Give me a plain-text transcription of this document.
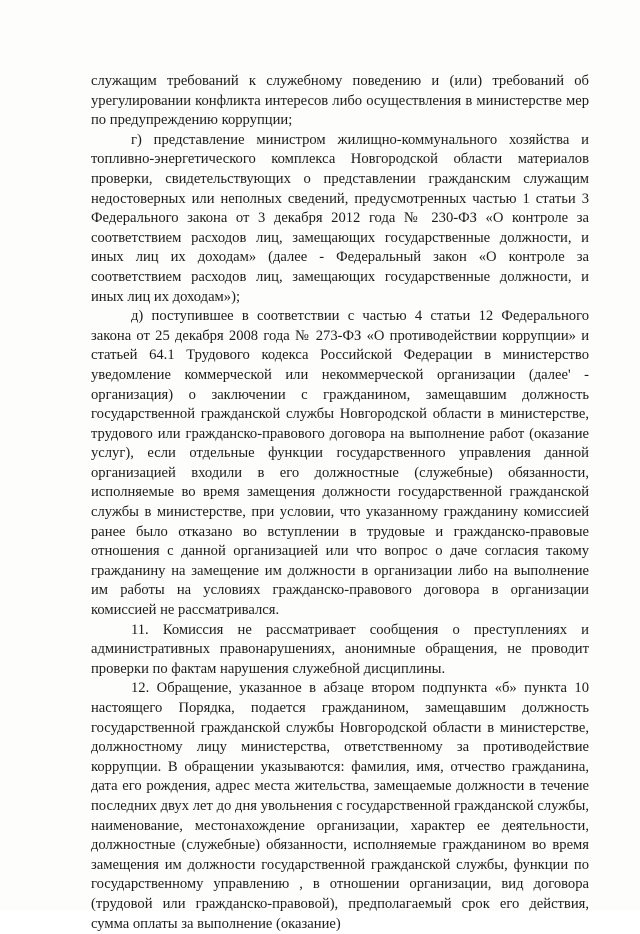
служащим требований к служебному поведению и (или) требований об урегулировании конфликта интересов либо осуществления в министерстве мер по предупреждению коррупции;

г) представление министром жилищно-коммунального хозяйства и топливно-энергетического комплекса Новгородской области материалов проверки, свидетельствующих о представлении гражданским служащим недостоверных или неполных сведений, предусмотренных частью 1 статьи 3 Федерального закона от 3 декабря 2012 года № 230-ФЗ «О контроле за соответствием расходов лиц, замещающих государственные должности, и иных лиц их доходам» (далее - Федеральный закон «О контроле за соответствием расходов лиц, замещающих государственные должности, и иных лиц их доходам»);

д) поступившее в соответствии с частью 4 статьи 12 Федерального закона от 25 декабря 2008 года № 273-ФЗ «О противодействии коррупции» и статьей 64.1 Трудового кодекса Российской Федерации в министерство уведомление коммерческой или некоммерческой организации (далее' - организация) о заключении с гражданином, замещавшим должность государственной гражданской службы Новгородской области в министерстве, трудового или гражданско-правового договора на выполнение работ (оказание услуг), если отдельные функции государственного управления данной организацией входили в его должностные (служебные) обязанности, исполняемые во время замещения должности государственной гражданской службы в министерстве, при условии, что указанному гражданину комиссией ранее было отказано во вступлении в трудовые и гражданско-правовые отношения с данной организацией или что вопрос о даче согласия такому гражданину на замещение им должности в организации либо на выполнение им работы на условиях гражданско-правового договора в организации комиссией не рассматривался.

11. Комиссия не рассматривает сообщения о преступлениях и административных правонарушениях, анонимные обращения, не проводит проверки по фактам нарушения служебной дисциплины.

12. Обращение, указанное в абзаце втором подпункта «б» пункта 10 настоящего Порядка, подается гражданином, замещавшим должность государственной гражданской службы Новгородской области в министерстве, должностному лицу министерства, ответственному за противодействие коррупции. В обращении указываются: фамилия, имя, отчество гражданина, дата его рождения, адрес места жительства, замещаемые должности в течение последних двух лет до дня увольнения с государственной гражданской службы, наименование, местонахождение организации, характер ее деятельности, должностные (служебные) обязанности, исполняемые гражданином во время замещения им должности государственной гражданской службы, функции по государственному управлению , в отношении организации, вид договора (трудовой или гражданско-правовой), предполагаемый срок его действия, сумма оплаты за выполнение (оказание)
